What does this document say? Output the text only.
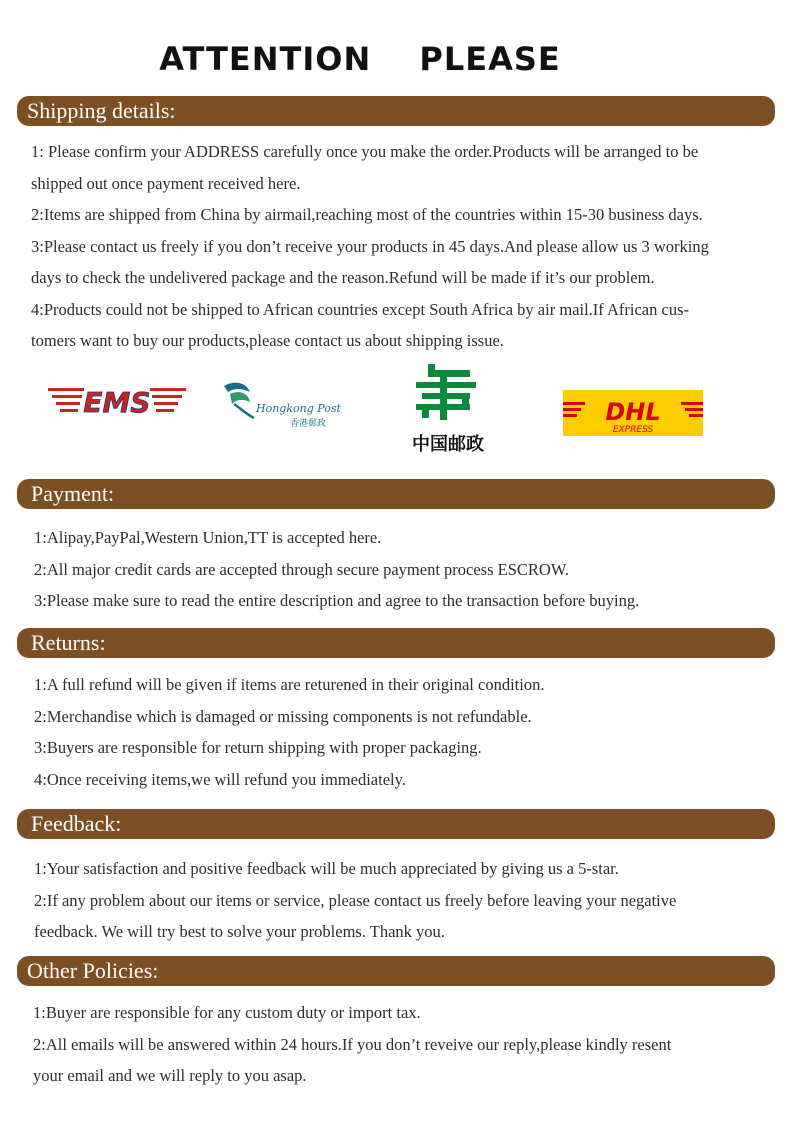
ATTENTION PLEASE
Shipping details:
1: Please confirm your ADDRESS carefully once you make the order.Products will be arranged to be
shipped out once payment received here.
2:Items are shipped from China by airmail,reaching most of the countries within 15-30 business days.
3:Please contact us freely if you don’t receive your products in 45 days.And please allow us 3 working
days to check the undelivered package and the reason.Refund will be made if it’s our problem.
4:Products could not be shipped to African countries except South Africa by air mail.If African cus-
tomers want to buy our products,please contact us about shipping issue.
EMS	Hongkong Post
香港郵政
中国邮政
DHL
EXPRESS
Payment:
1:Alipay,PayPal,Western Union,TT is accepted here.
2:All major credit cards are accepted through secure payment process ESCROW.
3:Please make sure to read the entire description and agree to the transaction before buying.
Returns:
1:A full refund will be given if items are returened in their original condition.
2:Merchandise which is damaged or missing components is not refundable.
3:Buyers are responsible for return shipping with proper packaging.
4:Once receiving items,we will refund you immediately.
Feedback:
1:Your satisfaction and positive feedback will be much appreciated by giving us a 5-star.
2:If any problem about our items or service, please contact us freely before leaving your negative
feedback. We will try best to solve your problems. Thank you.
Other Policies:
1:Buyer are responsible for any custom duty or import tax.
2:All emails will be answered within 24 hours.If you don’t reveive our reply,please kindly resent
your email and we will reply to you asap.
